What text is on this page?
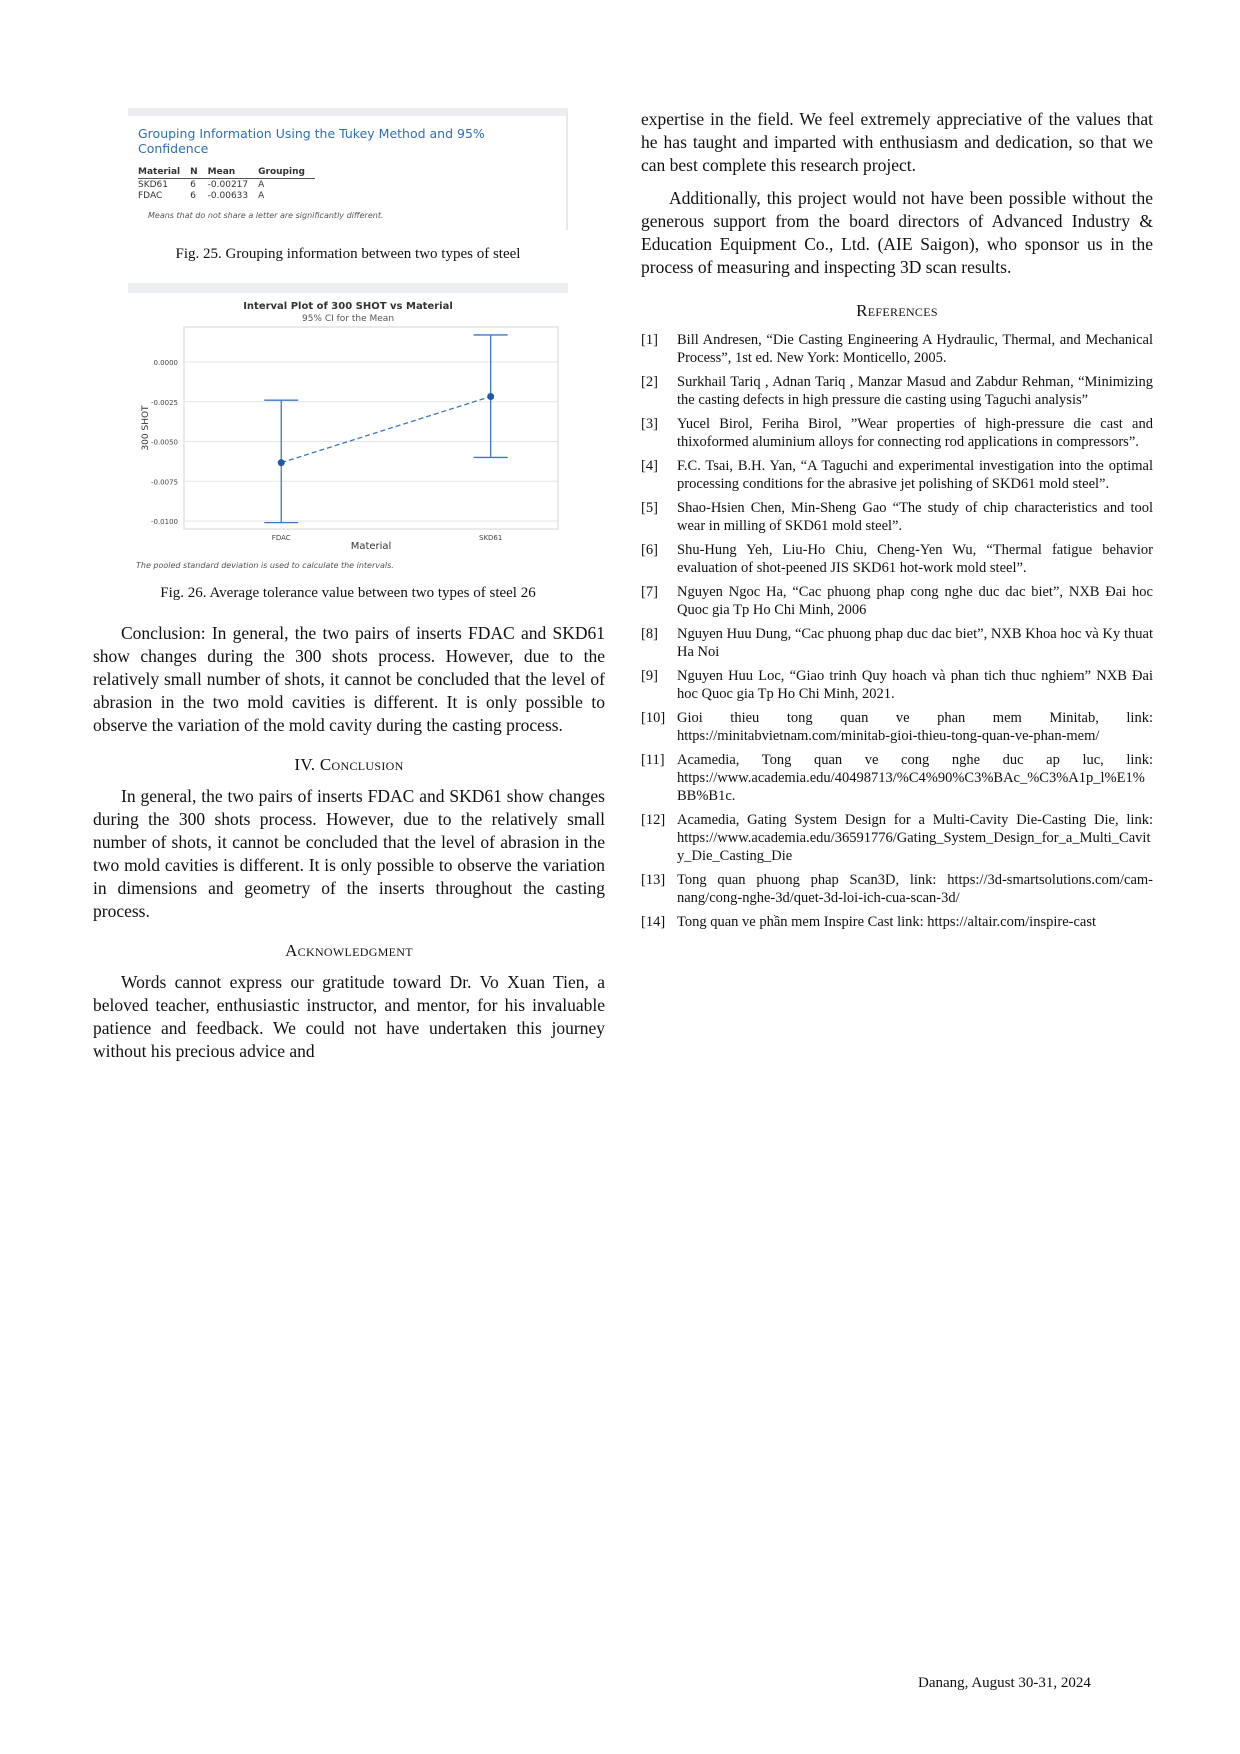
Grouping Information Using the Tukey Method and 95% Confidence
Material	N	Mean	Grouping
SKD61	6	-0.00217	A
FDAC	6	-0.00633	A
Means that do not share a letter are significantly different.
Fig. 25. Grouping information between two types of steel
Interval Plot of 300 SHOT vs Material
95% CI for the Mean
0.0000
-0.0025
-0.0050
-0.0075
-0.0100
FDAC	SKD61
Material
300 SHOT
The pooled standard deviation is used to calculate the intervals.
Fig. 26. Average tolerance value between two types of steel 26

Conclusion: In general, the two pairs of inserts FDAC and SKD61 show changes during the 300 shots process. However, due to the relatively small number of shots, it cannot be concluded that the level of abrasion in the two mold cavities is different. It is only possible to observe the variation of the mold cavity during the casting process.

IV. Conclusion

In general, the two pairs of inserts FDAC and SKD61 show changes during the 300 shots process. However, due to the relatively small number of shots, it cannot be concluded that the level of abrasion in the two mold cavities is different. It is only possible to observe the variation in dimensions and geometry of the inserts throughout the casting process.

Acknowledgment

Words cannot express our gratitude toward Dr. Vo Xuan Tien, a beloved teacher, enthusiastic instructor, and mentor, for his invaluable patience and feedback. We could not have undertaken this journey without his precious advice and

expertise in the field. We feel extremely appreciative of the values that he has taught and imparted with enthusiasm and dedication, so that we can best complete this research project.

Additionally, this project would not have been possible without the generous support from the board directors of Advanced Industry & Education Equipment Co., Ltd. (AIE Saigon), who sponsor us in the process of measuring and inspecting 3D scan results.

References
[1]	Bill Andresen, “Die Casting Engineering A Hydraulic, Thermal, and Mechanical Process”, 1st ed. New York: Monticello, 2005.
[2]	Surkhail Tariq , Adnan Tariq , Manzar Masud and Zabdur Rehman, “Minimizing the casting defects in high pressure die casting using Taguchi analysis”
[3]	Yucel Birol, Feriha Birol, ”Wear properties of high-pressure die cast and thixoformed aluminium alloys for connecting rod applications in compressors”.
[4]	F.C. Tsai, B.H. Yan, “A Taguchi and experimental investigation into the optimal processing conditions for the abrasive jet polishing of SKD61 mold steel”.
[5]	Shao-Hsien Chen, Min-Sheng Gao “The study of chip characteristics and tool wear in milling of SKD61 mold steel”.
[6]	Shu-Hung Yeh, Liu-Ho Chiu, Cheng-Yen Wu, “Thermal fatigue behavior evaluation of shot-peened JIS SKD61 hot-work mold steel”.
[7]	Nguyen Ngoc Ha, “Cac phuong phap cong nghe duc dac biet”, NXB Đai hoc Quoc gia Tp Ho Chi Minh, 2006
[8]	Nguyen Huu Dung, “Cac phuong phap duc dac biet”, NXB Khoa hoc và Ky thuat Ha Noi
[9]	Nguyen Huu Loc, “Giao trinh Quy hoach và phan tich thuc nghiem” NXB Đai hoc Quoc gia Tp Ho Chi Minh, 2021.
[10] Gioi thieu tong quan ve phan mem Minitab, link: https://minitabvietnam.com/minitab-gioi-thieu-tong-quan-ve-phan-mem/
[11] Acamedia, Tong quan ve cong nghe duc ap luc, link: https://www.academia.edu/40498713/%C4%90%C3%BAc_%C3%A1p_l%E1%BB%B1c.
[12] Acamedia, Gating System Design for a Multi-Cavity Die-Casting Die, link: https://www.academia.edu/36591776/Gating_System_Design_for_a_Multi_Cavity_Die_Casting_Die
[13] Tong quan phuong phap Scan3D, link: https://3d-smartsolutions.com/cam-nang/cong-nghe-3d/quet-3d-loi-ich-cua-scan-3d/
[14] Tong quan ve phần mem Inspire Cast link: https://altair.com/inspire-cast
Danang, August 30-31, 2024
